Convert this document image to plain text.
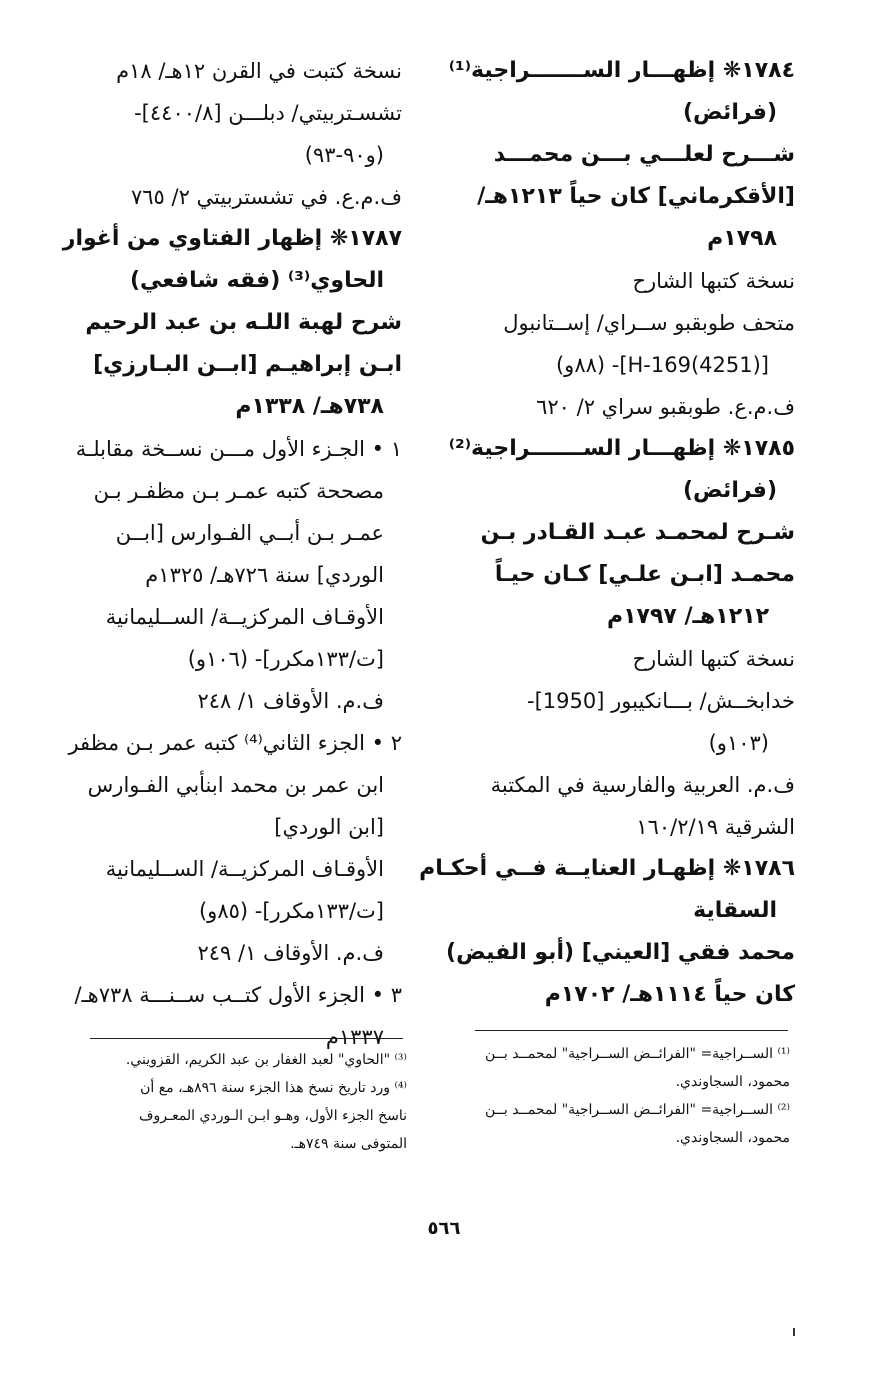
١٧٨٤❋ إظهـــار الســـــــراجية⁽¹⁾
(فرائض)
شـــرح لعلـــي بـــن محمـــد
[الأقكرماني] كان حياً ١٢١٣هـ/
١٧٩٨م
نسخة كتبها الشارح
متحف طوبقبو ســراي/ إســتانبول
[H-169(4251)]- (٨٨و)
ف.م.ع. طوبقبو سراي ٢/ ٦٢٠
١٧٨٥❋ إظهـــار الســـــــراجية⁽²⁾
(فرائض)
شـرح لمحمـد عبـد القـادر بـن
محمـد [ابـن علـي] كـان حيـاً
١٢١٢هـ/ ١٧٩٧م
نسخة كتبها الشارح
خدابخــش/ بـــانكيبور [1950]-
(١٠٣و)
ف.م. العربية والفارسية في المكتبة
الشرقية ١٦٠/٢/١٩
١٧٨٦❋ إظهـار العنايــة فــي أحكـام
السقاية
محمد فقي [العيني] (أبو الفيض)
كان حياً ١١١٤هـ/ ١٧٠٢م
نسخة كتبت في القرن ١٢هـ/ ١٨م
تشسـتربيتي/ دبلـــن [٤٤٠٠/٨]-
(و٩٠-٩٣)
ف.م.ع. في تشستربيتي ٢/ ٧٦٥
١٧٨٧❋ إظهار الفتاوي من أغوار
الحاوي⁽³⁾ (فقه شافعي)
شرح لهبة اللـه بن عبد الرحيم
ابـن إبراهيـم [ابــن البـارزي]
٧٣٨هـ/ ١٣٣٨م
١ • الجـزء الأول مـــن نســخة مقابلـة
مصححة كتبه عمـر بـن مظفـر بـن
عمـر بـن أبــي الفـوارس [ابــن
الوردي] سنة ٧٢٦هـ/ ١٣٢٥م
الأوقـاف المركزيــة/ الســليمانية
[ت/١٣٣مكرر]- (١٠٦و)
ف.م. الأوقاف ١/ ٢٤٨
٢ • الجزء الثاني⁽⁴⁾ كتبه عمر بـن مظفر
ابن عمر بن محمد ابنأبي الفـوارس
[ابن الوردي]
الأوقـاف المركزيــة/ الســليمانية
[ت/١٣٣مكرر]- (٨٥و)
ف.م. الأوقاف ١/ ٢٤٩
٣ • الجزء الأول كتــب ســنـــة ٧٣٨هـ/
١٣٣٧م
⁽¹⁾ الســراجية= "الفرائــض الســراجية" لمحمــد بــن
محمود، السجاوندي.
⁽²⁾ الســراجية= "الفرائــض الســراجية" لمحمــد بــن
محمود، السجاوندي.
⁽³⁾ "الحاوي" لعبد الغفار بن عبد الكريم، القزويني.
⁽⁴⁾ ورد تاريخ نسخ هذا الجزء سنة ٨٩٦هـ، مع أن
ناسخ الجزء الأول، وهـو ابـن الـوردي المعـروف
المتوفى سنة ٧٤٩هـ.
٥٦٦
